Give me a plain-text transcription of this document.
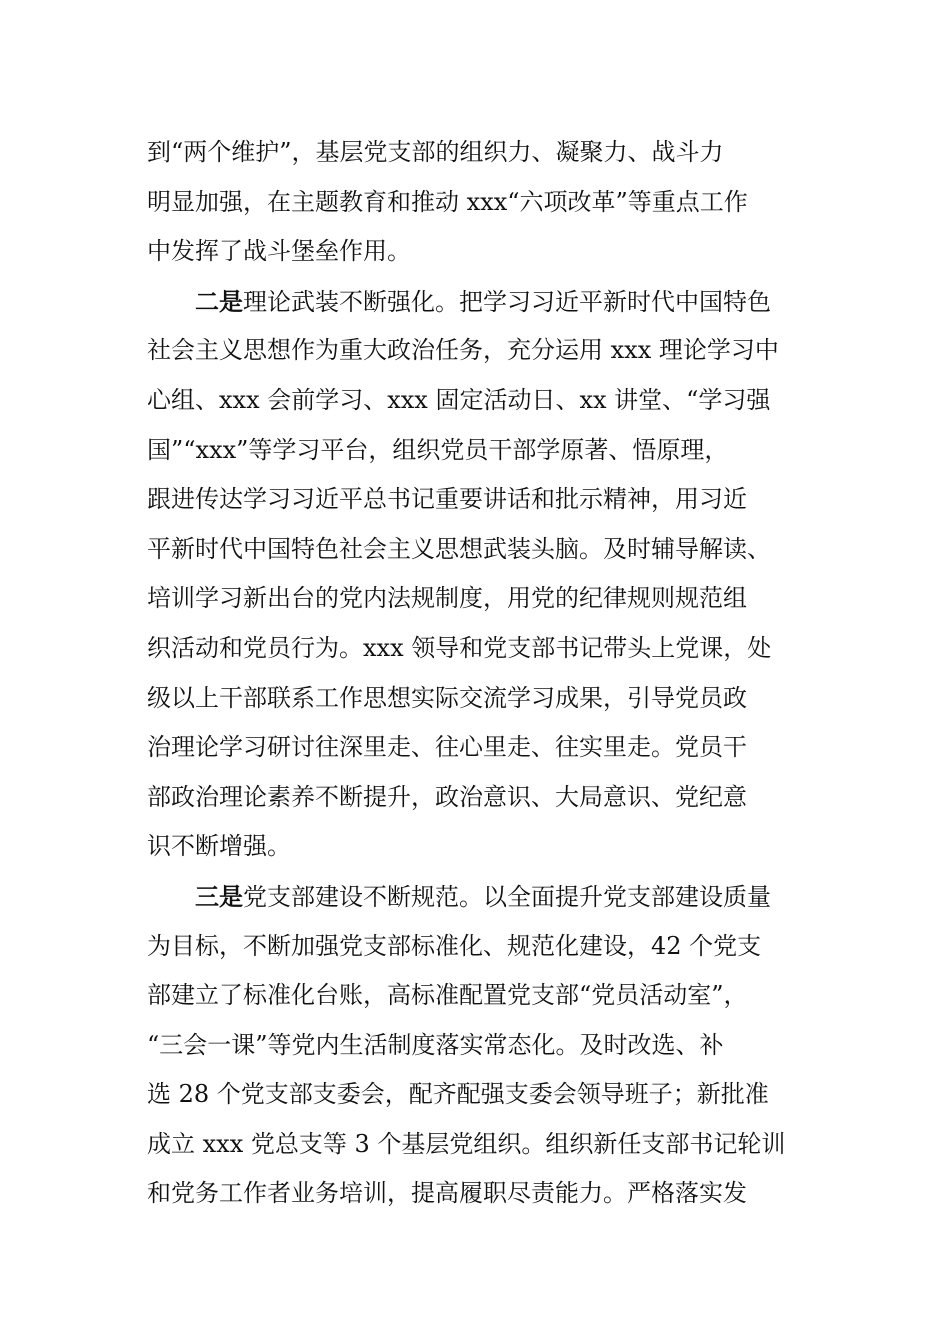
到“两个维护”，基层党支部的组织力、凝聚力、战斗力
明显加强，在主题教育和推动 xxx“六项改革”等重点工作
中发挥了战斗堡垒作用。
二是理论武装不断强化。把学习习近平新时代中国特色
社会主义思想作为重大政治任务，充分运用 xxx 理论学习中
心组、xxx 会前学习、xxx 固定活动日、xx 讲堂、“学习强
国”“xxx”等学习平台，组织党员干部学原著、悟原理，
跟进传达学习习近平总书记重要讲话和批示精神，用习近
平新时代中国特色社会主义思想武装头脑。及时辅导解读、
培训学习新出台的党内法规制度，用党的纪律规则规范组
织活动和党员行为。xxx 领导和党支部书记带头上党课，处
级以上干部联系工作思想实际交流学习成果，引导党员政
治理论学习研讨往深里走、往心里走、往实里走。党员干
部政治理论素养不断提升，政治意识、大局意识、党纪意
识不断增强。
三是党支部建设不断规范。以全面提升党支部建设质量
为目标，不断加强党支部标准化、规范化建设，42 个党支
部建立了标准化台账，高标准配置党支部“党员活动室”，
“三会一课”等党内生活制度落实常态化。及时改选、补
选 28 个党支部支委会，配齐配强支委会领导班子；新批准
成立 xxx 党总支等 3 个基层党组织。组织新任支部书记轮训
和党务工作者业务培训，提高履职尽责能力。严格落实发
